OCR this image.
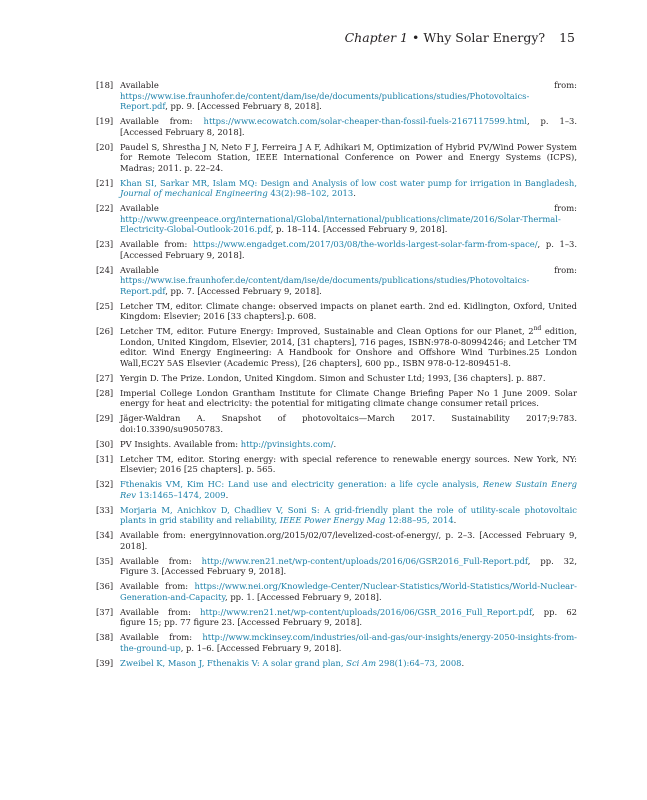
Chapter 1 • Why Solar Energy? 15
[18] Available from: https://www.ise.fraunhofer.de/content/dam/ise/de/documents/publications/studies/Photovoltaics-Report.pdf, pp. 9. [Accessed February 8, 2018].
[19] Available from: https://www.ecowatch.com/solar-cheaper-than-fossil-fuels-2167117599.html, p. 1–3. [Accessed February 8, 2018].
[20] Paudel S, Shrestha J N, Neto F J, Ferreira J A F, Adhikari M, Optimization of Hybrid PV/Wind Power System for Remote Telecom Station, IEEE International Conference on Power and Energy Systems (ICPS), Madras; 2011. p. 22–24.
[21] Khan SI, Sarkar MR, Islam MQ: Design and Analysis of low cost water pump for irrigation in Bangladesh, Journal of mechanical Engineering 43(2):98–102, 2013.
[22] Available from: http://www.greenpeace.org/international/Global/international/publications/climate/2016/Solar-Thermal-Electricity-Global-Outlook-2016.pdf, p. 18–114. [Accessed February 9, 2018].
[23] Available from: https://www.engadget.com/2017/03/08/the-worlds-largest-solar-farm-from-space/, p. 1–3. [Accessed February 9, 2018].
[24] Available from: https://www.ise.fraunhofer.de/content/dam/ise/de/documents/publications/studies/Photovoltaics-Report.pdf, pp. 7. [Accessed February 9, 2018].
[25] Letcher TM, editor. Climate change: observed impacts on planet earth. 2nd ed. Kidlington, Oxford, United Kingdom: Elsevier; 2016 [33 chapters].p. 608.
[26] Letcher TM, editor. Future Energy: Improved, Sustainable and Clean Options for our Planet, 2nd edition, London, United Kingdom, Elsevier, 2014, [31 chapters], 716 pages, ISBN:978-0-80994246; and Letcher TM editor. Wind Energy Engineering: A Handbook for Onshore and Offshore Wind Turbines.25 London Wall,EC2Y 5AS Elsevier (Academic Press), [26 chapters], 600 pp., ISBN 978-0-12-809451-8.
[27] Yergin D. The Prize. London, United Kingdom. Simon and Schuster Ltd; 1993, [36 chapters]. p. 887.
[28] Imperial College London Grantham Institute for Climate Change Briefing Paper No 1 June 2009. Solar energy for heat and electricity: the potential for mitigating climate change consumer retail prices.
[29] Jäger-Waldran A. Snapshot of photovoltaics—March 2017. Sustainability 2017;9:783. doi:10.3390/su9050783.
[30] PV Insights. Available from: http://pvinsights.com/.
[31] Letcher TM, editor. Storing energy: with special reference to renewable energy sources. New York, NY: Elsevier; 2016 [25 chapters]. p. 565.
[32] Fthenakis VM, Kim HC: Land use and electricity generation: a life cycle analysis, Renew Sustain Energ Rev 13:1465–1474, 2009.
[33] Morjaria M, Anichkov D, Chadliev V, Soni S: A grid-friendly plant the role of utility-scale photovoltaic plants in grid stability and reliability, IEEE Power Energy Mag 12:88–95, 2014.
[34] Available from: energyinnovation.org/2015/02/07/levelized-cost-of-energy/, p. 2–3. [Accessed February 9, 2018].
[35] Available from: http://www.ren21.net/wp-content/uploads/2016/06/GSR2016_Full-Report.pdf, pp. 32, Figure 3. [Accessed February 9, 2018].
[36] Available from: https://www.nei.org/Knowledge-Center/Nuclear-Statistics/World-Statistics/World-Nuclear-Generation-and-Capacity, pp. 1. [Accessed February 9, 2018].
[37] Available from: http://www.ren21.net/wp-content/uploads/2016/06/GSR_2016_Full_Report.pdf, pp. 62 figure 15; pp. 77 figure 23. [Accessed February 9, 2018].
[38] Available from: http://www.mckinsey.com/industries/oil-and-gas/our-insights/energy-2050-insights-from-the-ground-up, p. 1–6. [Accessed February 9, 2018].
[39] Zweibel K, Mason J, Fthenakis V: A solar grand plan, Sci Am 298(1):64–73, 2008.
